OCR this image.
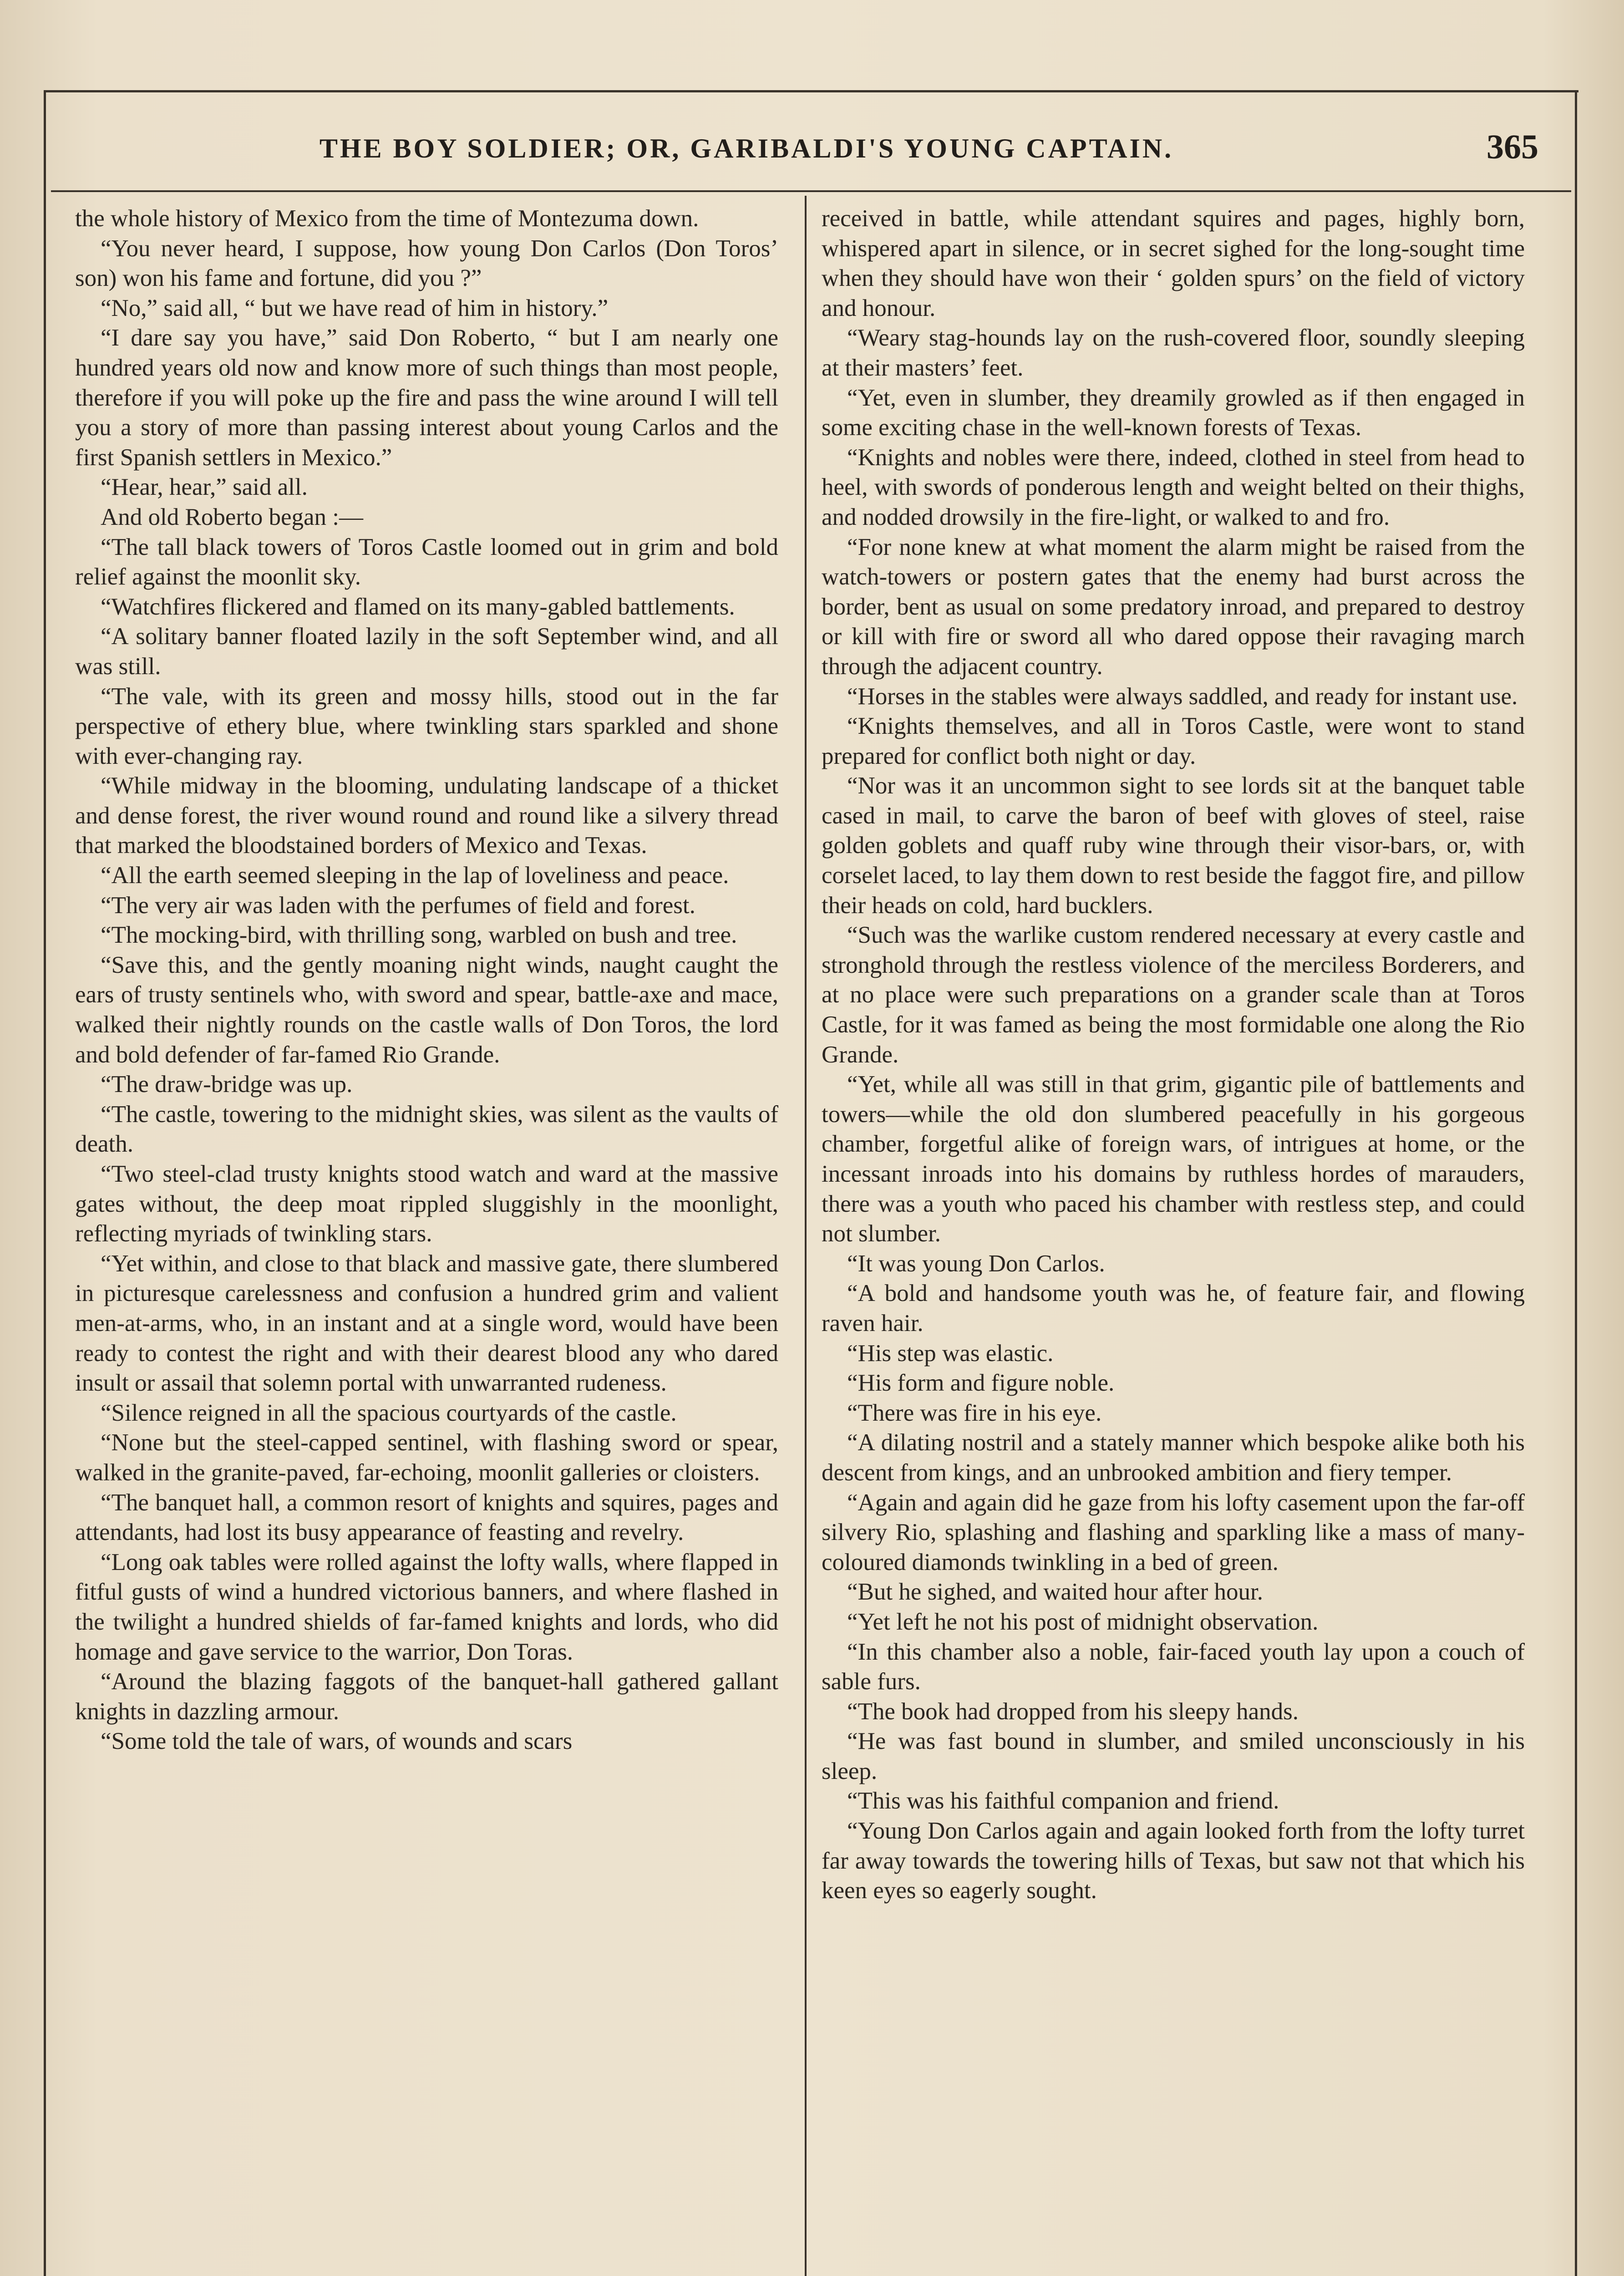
THE BOY SOLDIER; OR, GARIBALDI'S YOUNG CAPTAIN.	365

the whole history of Mexico from the time of Montezuma down.

“You never heard, I suppose, how young Don Carlos (Don Toros’ son) won his fame and fortune, did you ?”

“No,” said all, “ but we have read of him in history.”

“I dare say you have,” said Don Roberto, “ but I am nearly one hundred years old now and know more of such things than most people, therefore if you will poke up the fire and pass the wine around I will tell you a story of more than passing interest about young Carlos and the first Spanish settlers in Mexico.”

“Hear, hear,” said all.

And old Roberto began :—

“The tall black towers of Toros Castle loomed out in grim and bold relief against the moonlit sky.

“Watchfires flickered and flamed on its many-gabled battlements.

“A solitary banner floated lazily in the soft September wind, and all was still.

“The vale, with its green and mossy hills, stood out in the far perspective of ethery blue, where twinkling stars sparkled and shone with ever-changing ray.

“While midway in the blooming, undulating landscape of a thicket and dense forest, the river wound round and round like a silvery thread that marked the bloodstained borders of Mexico and Texas.

“All the earth seemed sleeping in the lap of loveliness and peace.

“The very air was laden with the perfumes of field and forest.

“The mocking-bird, with thrilling song, warbled on bush and tree.

“Save this, and the gently moaning night winds, naught caught the ears of trusty sentinels who, with sword and spear, battle-axe and mace, walked their nightly rounds on the castle walls of Don Toros, the lord and bold defender of far-famed Rio Grande.

“The draw-bridge was up.

“The castle, towering to the midnight skies, was silent as the vaults of death.

“Two steel-clad trusty knights stood watch and ward at the massive gates without, the deep moat rippled sluggishly in the moonlight, reflecting myriads of twinkling stars.

“Yet within, and close to that black and massive gate, there slumbered in picturesque carelessness and confusion a hundred grim and valient men-at-arms, who, in an instant and at a single word, would have been ready to contest the right and with their dearest blood any who dared insult or assail that solemn portal with unwarranted rudeness.

“Silence reigned in all the spacious courtyards of the castle.

“None but the steel-capped sentinel, with flashing sword or spear, walked in the granite-paved, far-echoing, moonlit galleries or cloisters.

“The banquet hall, a common resort of knights and squires, pages and attendants, had lost its busy appearance of feasting and revelry.

“Long oak tables were rolled against the lofty walls, where flapped in fitful gusts of wind a hundred victorious banners, and where flashed in the twilight a hundred shields of far-famed knights and lords, who did homage and gave service to the warrior, Don Toras.

“Around the blazing faggots of the banquet-hall gathered gallant knights in dazzling armour.

“Some told the tale of wars, of wounds and scars

received in battle, while attendant squires and pages, highly born, whispered apart in silence, or in secret sighed for the long-sought time when they should have won their ‘ golden spurs’ on the field of victory and honour.

“Weary stag-hounds lay on the rush-covered floor, soundly sleeping at their masters’ feet.

“Yet, even in slumber, they dreamily growled as if then engaged in some exciting chase in the well-known forests of Texas.

“Knights and nobles were there, indeed, clothed in steel from head to heel, with swords of ponderous length and weight belted on their thighs, and nodded drowsily in the fire-light, or walked to and fro.

“For none knew at what moment the alarm might be raised from the watch-towers or postern gates that the enemy had burst across the border, bent as usual on some predatory inroad, and prepared to destroy or kill with fire or sword all who dared oppose their ravaging march through the adjacent country.

“Horses in the stables were always saddled, and ready for instant use.

“Knights themselves, and all in Toros Castle, were wont to stand prepared for conflict both night or day.

“Nor was it an uncommon sight to see lords sit at the banquet table cased in mail, to carve the baron of beef with gloves of steel, raise golden goblets and quaff ruby wine through their visor-bars, or, with corselet laced, to lay them down to rest beside the faggot fire, and pillow their heads on cold, hard bucklers.

“Such was the warlike custom rendered necessary at every castle and stronghold through the restless violence of the merciless Borderers, and at no place were such preparations on a grander scale than at Toros Castle, for it was famed as being the most formidable one along the Rio Grande.

“Yet, while all was still in that grim, gigantic pile of battlements and towers—while the old don slumbered peacefully in his gorgeous chamber, forgetful alike of foreign wars, of intrigues at home, or the incessant inroads into his domains by ruthless hordes of marauders, there was a youth who paced his chamber with restless step, and could not slumber.

“It was young Don Carlos.

“A bold and handsome youth was he, of feature fair, and flowing raven hair.

“His step was elastic.

“His form and figure noble.

“There was fire in his eye.

“A dilating nostril and a stately manner which bespoke alike both his descent from kings, and an unbrooked ambition and fiery temper.

“Again and again did he gaze from his lofty casement upon the far-off silvery Rio, splashing and flashing and sparkling like a mass of many-coloured diamonds twinkling in a bed of green.

“But he sighed, and waited hour after hour.

“Yet left he not his post of midnight observation.

“In this chamber also a noble, fair-faced youth lay upon a couch of sable furs.

“The book had dropped from his sleepy hands.

“He was fast bound in slumber, and smiled unconsciously in his sleep.

“This was his faithful companion and friend.

“Young Don Carlos again and again looked forth from the lofty turret far away towards the towering hills of Texas, but saw not that which his keen eyes so eagerly sought.
